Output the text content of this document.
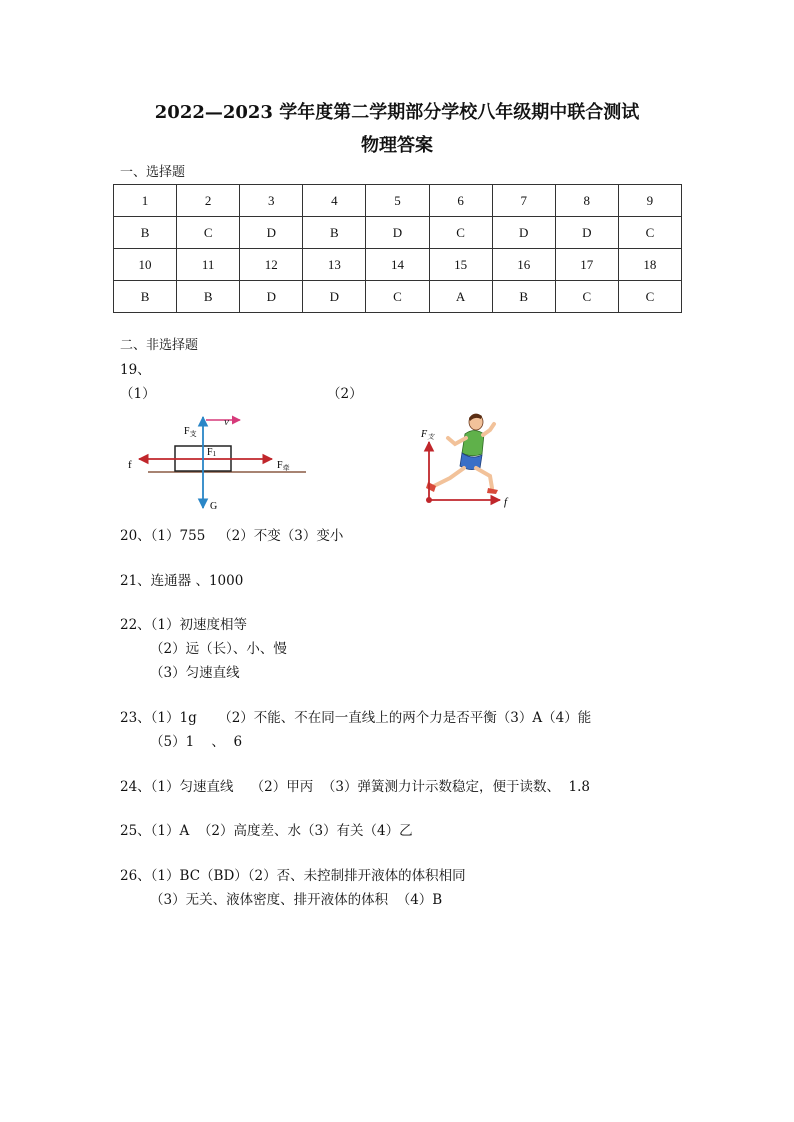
2022—2023 学年度第二学期部分学校八年级期中联合测试
物理答案
一、选择题
1	2	3	4	5	6	7	8	9
B	C	D	B	D	C	D	D	C
10	11	12	13	14	15	16	17	18
B	B	D	D	C	A	B	C	C
二、非选择题
19、
（1）	（2）
$F_支$
v
F1
f	$F_牵$
G
$F_支$
f
20、（1）755   （2）不变（3）变小
21、连通器 、1000
22、（1）初速度相等
（2）远（长）、小、慢
（3）匀速直线
23、（1）1g     （2）不能、不在同一直线上的两个力是否平衡（3）A（4）能
（5）1    、  6
24、（1）匀速直线    （2）甲丙  （3）弹簧测力计示数稳定，便于读数、  1.8
25、（1）A  （2）高度差、水（3）有关（4）乙
26、（1）BC（BD）（2）否、未控制排开液体的体积相同
（3）无关、液体密度、排开液体的体积  （4）B
